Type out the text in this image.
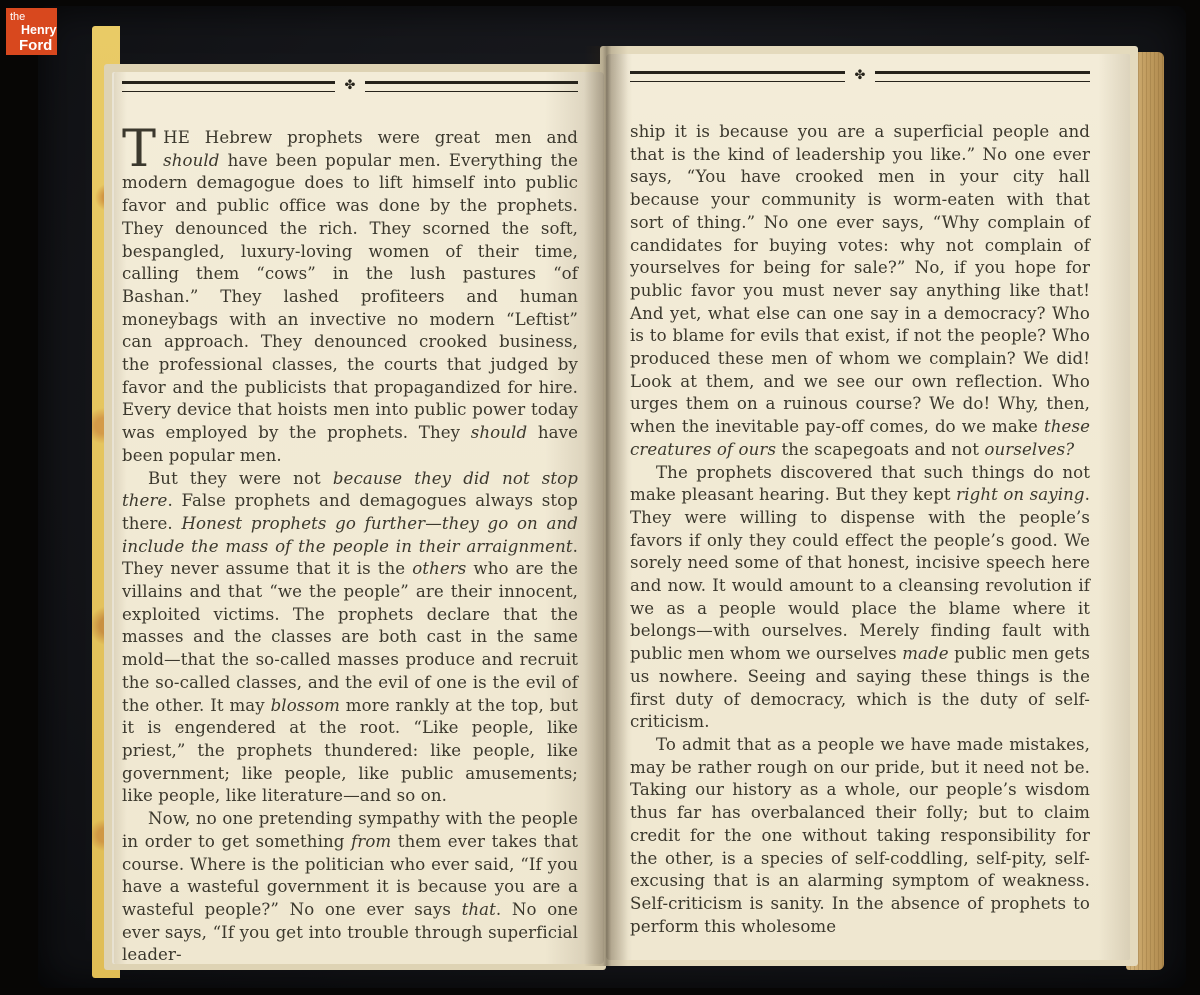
✤

THE Hebrew prophets were great men and should have been popular men. Everything the modern demagogue does to lift himself into public favor and public office was done by the prophets. They denounced the rich. They scorned the soft, bespangled, luxury-loving women of their time, calling them “cows” in the lush pastures “of Bashan.” They lashed profiteers and human moneybags with an invective no modern “Leftist” can approach. They denounced crooked business, the professional classes, the courts that judged by favor and the publicists that propagandized for hire. Every device that hoists men into public power today was employed by the prophets. They should have been popular men.

But they were not because they did not stop there. False prophets and demagogues always stop there. Honest prophets go further—they go on and include the mass of the people in their arraignment. They never assume that it is the others who are the villains and that “we the people” are their innocent, exploited victims. The prophets declare that the masses and the classes are both cast in the same mold—that the so-called masses produce and recruit the so-called classes, and the evil of one is the evil of the other. It may blossom more rankly at the top, but it is engendered at the root. “Like people, like priest,” the prophets thundered: like people, like government; like people, like public amusements; like people, like literature—and so on.

Now, no one pretending sympathy with the people in order to get something from them ever takes that course. Where is the politician who ever said, “If you have a wasteful government it is because you are a wasteful people?” No one ever says that. No one ever says, “If you get into trouble through superficial leader-

✤

ship it is because you are a superficial people and that is the kind of leadership you like.” No one ever says, “You have crooked men in your city hall because your community is worm-eaten with that sort of thing.” No one ever says, “Why complain of candidates for buying votes: why not complain of yourselves for being for sale?” No, if you hope for public favor you must never say anything like that! And yet, what else can one say in a democracy? Who is to blame for evils that exist, if not the people? Who produced these men of whom we complain? We did! Look at them, and we see our own reflection. Who urges them on a ruinous course? We do! Why, then, when the inevitable pay-off comes, do we make these creatures of ours the scapegoats and not ourselves?

The prophets discovered that such things do not make pleasant hearing. But they kept right on saying. They were willing to dispense with the people’s favors if only they could effect the people’s good. We sorely need some of that honest, incisive speech here and now. It would amount to a cleansing revolution if we as a people would place the blame where it belongs—with ourselves. Merely finding fault with public men whom we ourselves made public men gets us nowhere. Seeing and saying these things is the first duty of democracy, which is the duty of self-criticism.

To admit that as a people we have made mistakes, may be rather rough on our pride, but it need not be. Taking our history as a whole, our people’s wisdom thus far has overbalanced their folly; but to claim credit for the one without taking responsibility for the other, is a species of self-coddling, self-pity, self-excusing that is an alarming symptom of weakness. Self-criticism is sanity. In the absence of prophets to perform this wholesome

the
Henry
Ford
